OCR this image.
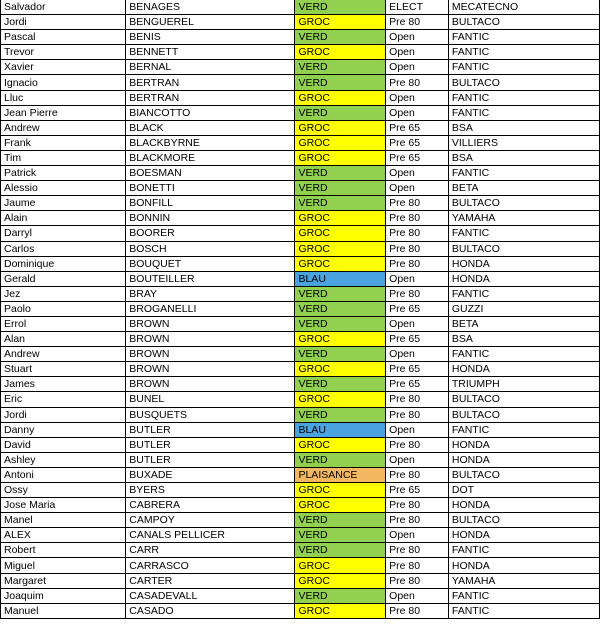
Salvador	BENAGES	VERD	ELECT	MECATECNO
Jordi	BENGUEREL	GROC	Pre 80	BULTACO
Pascal	BENIS	VERD	Open	FANTIC
Trevor	BENNETT	GROC	Open	FANTIC
Xavier	BERNAL	VERD	Open	FANTIC
Ignacio	BERTRAN	VERD	Pre 80	BULTACO
Lluc	BERTRAN	GROC	Open	FANTIC
Jean Pierre	BIANCOTTO	VERD	Open	FANTIC
Andrew	BLACK	GROC	Pre 65	BSA
Frank	BLACKBYRNE	GROC	Pre 65	VILLIERS
Tim	BLACKMORE	GROC	Pre 65	BSA
Patrick	BOESMAN	VERD	Open	FANTIC
Alessio	BONETTI	VERD	Open	BETA
Jaume	BONFILL	VERD	Pre 80	BULTACO
Alain	BONNIN	GROC	Pre 80	YAMAHA
Darryl	BOORER	GROC	Pre 80	FANTIC
Carlos	BOSCH	GROC	Pre 80	BULTACO
Dominique	BOUQUET	GROC	Pre 80	HONDA
Gerald	BOUTEILLER	BLAU	Open	HONDA
Jez	BRAY	VERD	Pre 80	FANTIC
Paolo	BROGANELLI	VERD	Pre 65	GUZZI
Errol	BROWN	VERD	Open	BETA
Alan	BROWN	GROC	Pre 65	BSA
Andrew	BROWN	VERD	Open	FANTIC
Stuart	BROWN	GROC	Pre 65	HONDA
James	BROWN	VERD	Pre 65	TRIUMPH
Eric	BUNEL	GROC	Pre 80	BULTACO
Jordi	BUSQUETS	VERD	Pre 80	BULTACO
Danny	BUTLER	BLAU	Open	FANTIC
David	BUTLER	GROC	Pre 80	HONDA
Ashley	BUTLER	VERD	Open	HONDA
Antoni	BUXADE	PLAISANCE	Pre 80	BULTACO
Ossy	BYERS	GROC	Pre 65	DOT
Jose Maria	CABRERA	GROC	Pre 80	HONDA
Manel	CAMPOY	VERD	Pre 80	BULTACO
ALEX	CANALS PELLICER	VERD	Open	HONDA
Robert	CARR	VERD	Pre 80	FANTIC
Miguel	CARRASCO	GROC	Pre 80	HONDA
Margaret	CARTER	GROC	Pre 80	YAMAHA
Joaquim	CASADEVALL	VERD	Open	FANTIC
Manuel	CASADO	GROC	Pre 80	FANTIC
